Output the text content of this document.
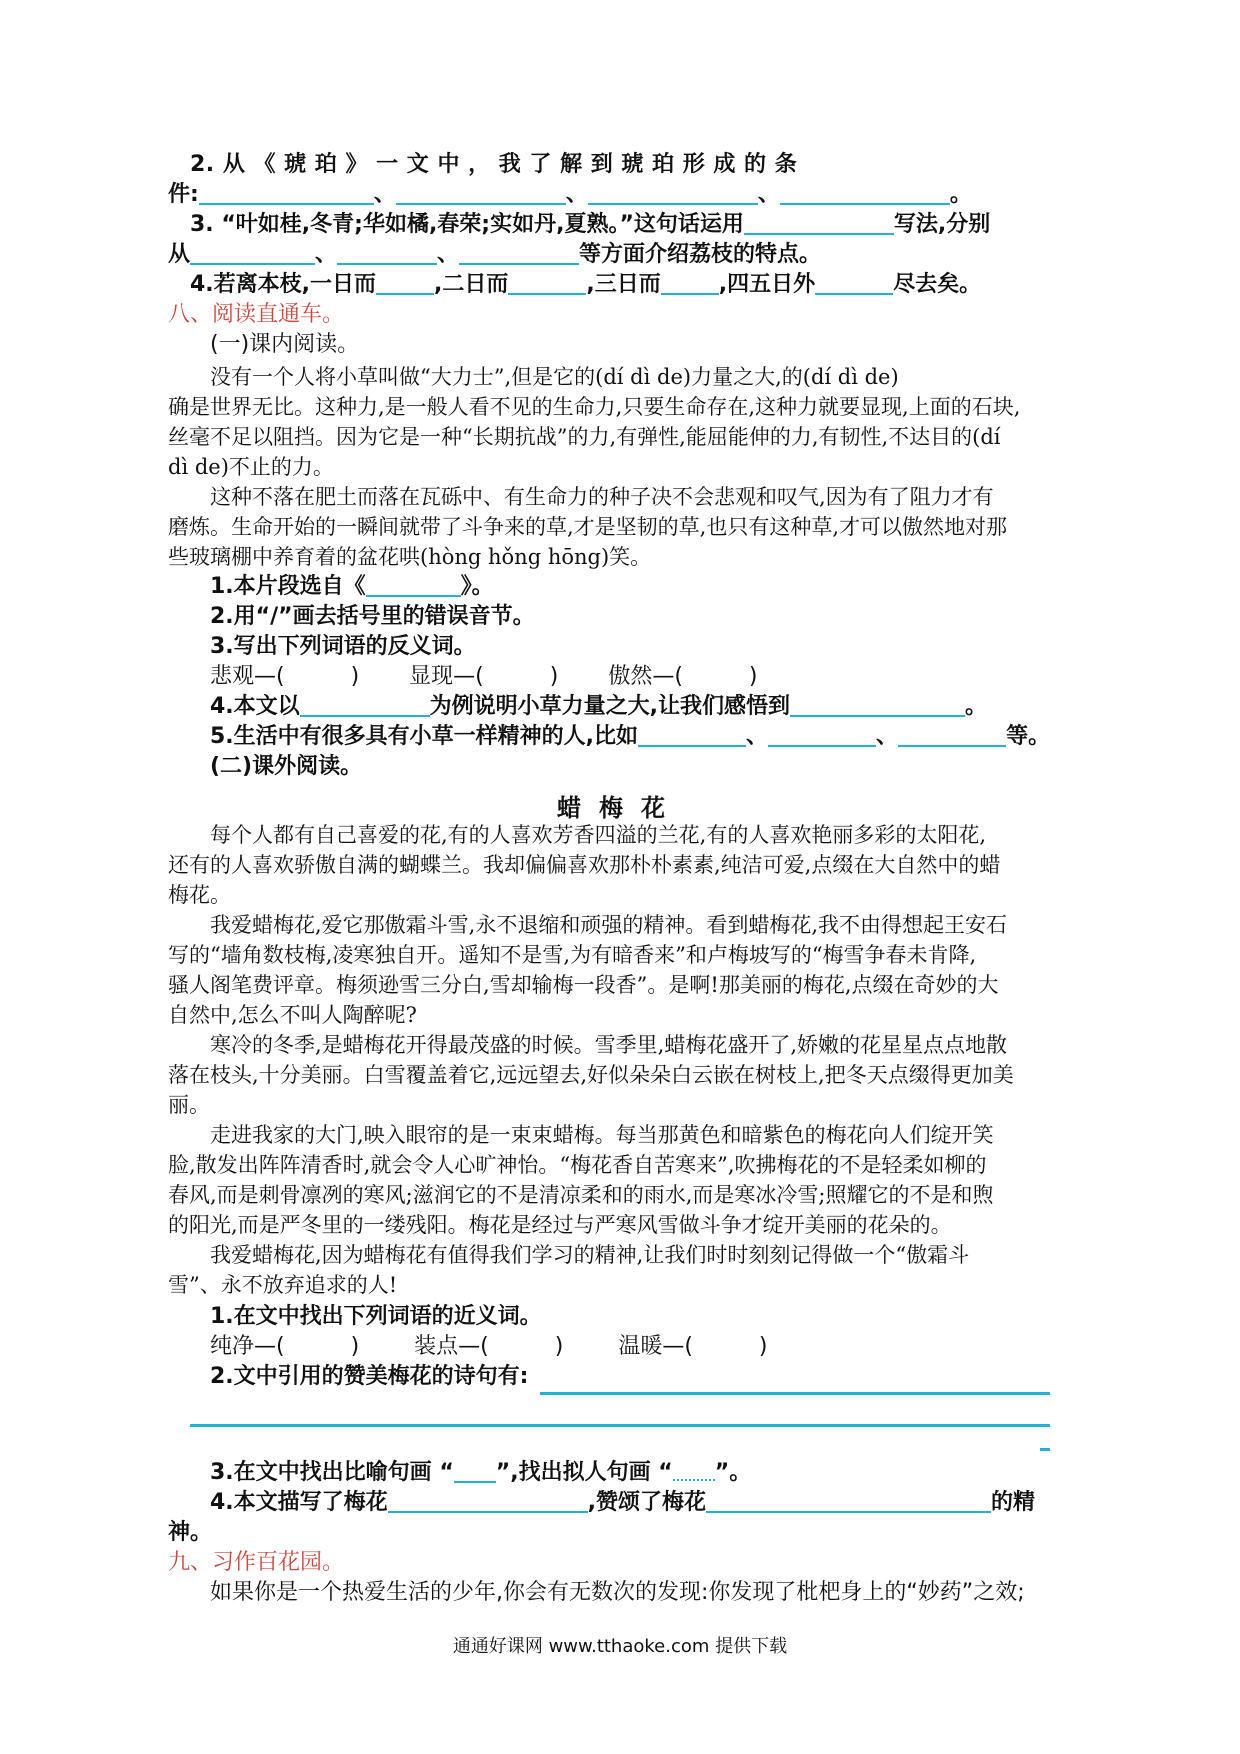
2. 从 《 琥 珀 》 一 文 中 ， 我 了 解 到 琥 珀 形 成 的 条
件:	、	、	、	。
3. “叶如桂,冬青;华如橘,春荣;实如丹,夏熟。”这句话运用	写法,分别
从	、	、	等方面介绍荔枝的特点。
4.若离本枝,一日而	,二日而	,三日而	,四五日外	尽去矣。
八、阅读直通车。
(一)课内阅读。
没有一个人将小草叫做“大力士”,但是它的(dí dì de)力量之大,的(dí dì de)
确是世界无比。这种力,是一般人看不见的生命力,只要生命存在,这种力就要显现,上面的石块,
丝毫不足以阻挡。因为它是一种“长期抗战”的力,有弹性,能屈能伸的力,有韧性,不达目的(dí
dì de)不止的力。
这种不落在肥土而落在瓦砾中、有生命力的种子决不会悲观和叹气,因为有了阻力才有
磨炼。生命开始的一瞬间就带了斗争来的草,才是坚韧的草,也只有这种草,才可以傲然地对那
些玻璃棚中养育着的盆花哄(hòng hǒng hōng)笑。
1.本片段选自《	》。
2.用“/”画去括号里的错误音节。
3.写出下列词语的反义词。
悲观—(　　　) 显现—(　　　) 傲然—(　　　)
4.本文以	为例说明小草力量之大,让我们感悟到	。
5.生活中有很多具有小草一样精神的人,比如	、	、	等。
(二)课外阅读。
蜡梅花
每个人都有自己喜爱的花,有的人喜欢芳香四溢的兰花,有的人喜欢艳丽多彩的太阳花,
还有的人喜欢骄傲自满的蝴蝶兰。我却偏偏喜欢那朴朴素素,纯洁可爱,点缀在大自然中的蜡
梅花。
我爱蜡梅花,爱它那傲霜斗雪,永不退缩和顽强的精神。看到蜡梅花,我不由得想起王安石
写的“墙角数枝梅,凌寒独自开。遥知不是雪,为有暗香来”和卢梅坡写的“梅雪争春未肯降,
骚人阁笔费评章。梅须逊雪三分白,雪却输梅一段香”。是啊!那美丽的梅花,点缀在奇妙的大
自然中,怎么不叫人陶醉呢?
寒冷的冬季,是蜡梅花开得最茂盛的时候。雪季里,蜡梅花盛开了,娇嫩的花星星点点地散
落在枝头,十分美丽。白雪覆盖着它,远远望去,好似朵朵白云嵌在树枝上,把冬天点缀得更加美
丽。
走进我家的大门,映入眼帘的是一束束蜡梅。每当那黄色和暗紫色的梅花向人们绽开笑
脸,散发出阵阵清香时,就会令人心旷神怡。“梅花香自苦寒来”,吹拂梅花的不是轻柔如柳的
春风,而是刺骨凛冽的寒风;滋润它的不是清凉柔和的雨水,而是寒冰冷雪;照耀它的不是和煦
的阳光,而是严冬里的一缕残阳。梅花是经过与严寒风雪做斗争才绽开美丽的花朵的。
我爱蜡梅花,因为蜡梅花有值得我们学习的精神,让我们时时刻刻记得做一个“傲霜斗
雪”、永不放弃追求的人!
1.在文中找出下列词语的近义词。
纯净—(　　　)	装点—(　　　)	温暖—(　　　)
2.文中引用的赞美梅花的诗句有:
3.在文中找出比喻句画 “ ”,找出拟人句画 “ ”。
4.本文描写了梅花	,赞颂了梅花	的精
神。
九、习作百花园。
如果你是一个热爱生活的少年,你会有无数次的发现:你发现了枇杷身上的“妙药”之效;
通通好课网 www.tthaoke.com 提供下载
